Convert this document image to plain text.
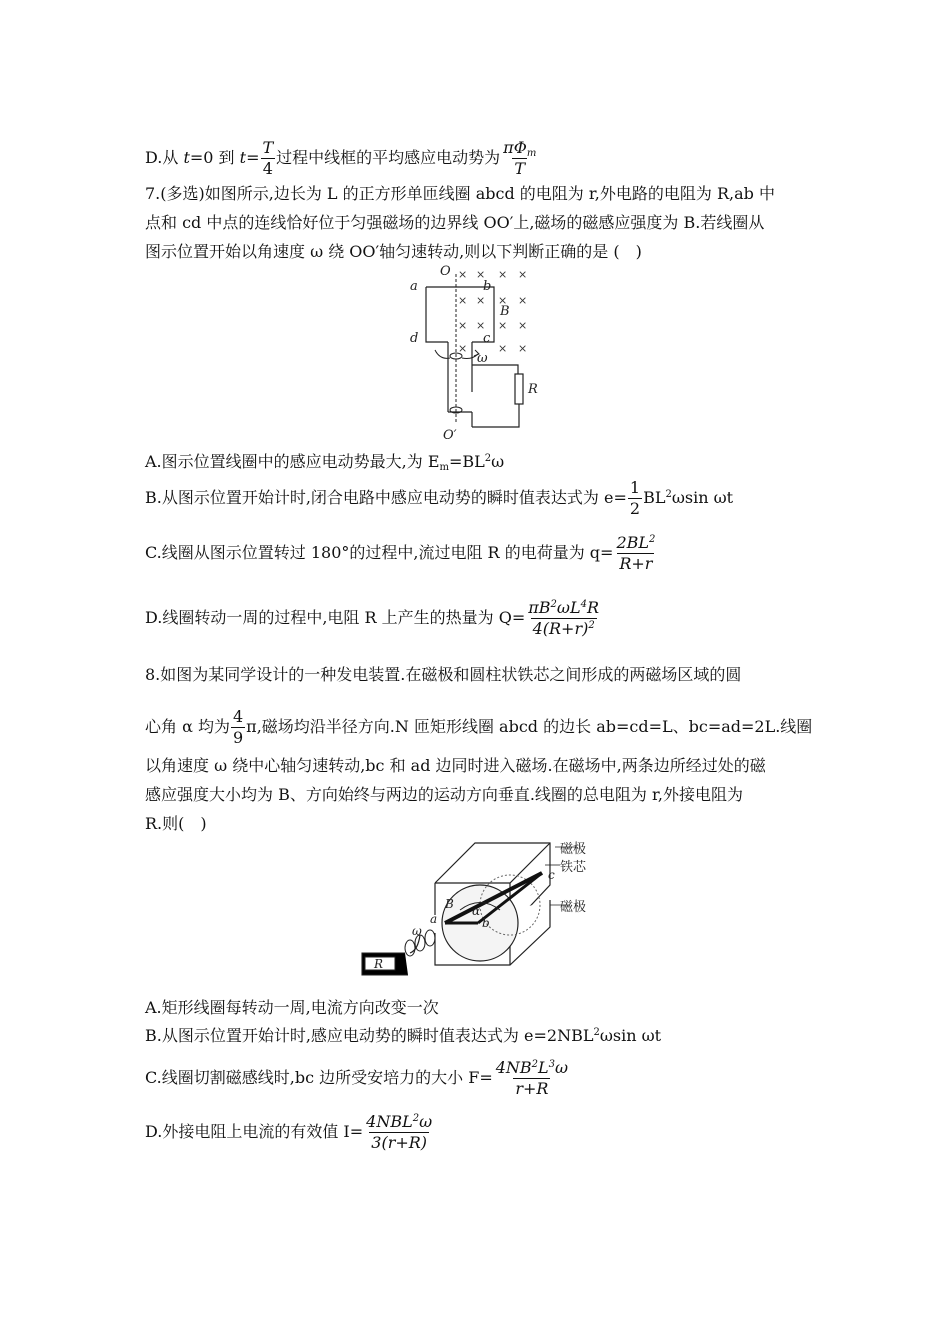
D.从 t=0 到 $t= \frac{T}{4}$ 过程中线框的平均感应电动势为 $\frac{\pi\Phi_m}{T}$
7.(多选)如图所示,边长为 L 的正方形单匝线圈 abcd 的电阻为 r,外电路的电阻为 R,ab 中
点和 cd 中点的连线恰好位于匀强磁场的边界线 OO′上,磁场的磁感应强度为 B.若线圈从
图示位置开始以角速度 ω 绕 OO′轴匀速转动,则以下判断正确的是 (　)
× × × ×
× × × ×
× × × ×
×	× ×
O
a	b
B
d	c
ω
R
O′
A.图示位置线圈中的感应电动势最大,为 $E_m=BL^2\omega$
B.从图示位置开始计时,闭合电路中感应电动势的瞬时值表达式为 $e= \frac{1}{2} BL^2\omega\sin$ ωt
C.线圈从图示位置转过 180°的过程中,流过电阻 R 的电荷量为 $q= \frac{2BL^2}{R+r}$
D.线圈转动一周的过程中,电阻 R 上产生的热量为 $Q= \frac{\pi B^2\omega L^4R}{4(R+r)^2}$
8.如图为某同学设计的一种发电装置.在磁极和圆柱状铁芯之间形成的两磁场区域的圆
心角 α 均为 $\frac{4}{9} \pi$,磁场均沿半径方向.N 匝矩形线圈 abcd 的边长 ab=cd=L、bc=ad=2L.线圈
以角速度 ω 绕中心轴匀速转动,bc 和 ad 边同时进入磁场.在磁场中,两条边所经过处的磁
感应强度大小均为 B、方向始终与两边的运动方向垂直.线圈的总电阻为 r,外接电阻为
R.则(　)
磁极
铁芯
磁极
B α
a	b
c
ω
R
A.矩形线圈每转动一周,电流方向改变一次
B.从图示位置开始计时,感应电动势的瞬时值表达式为 $e=2NBL^2\omega\sin$ ωt
C.线圈切割磁感线时,bc 边所受安培力的大小 $F= \frac{4NB^2L^3\omega}{r+R}$
D.外接电阻上电流的有效值 $I= \frac{4NBL^2\omega}{3(r+R)}$
